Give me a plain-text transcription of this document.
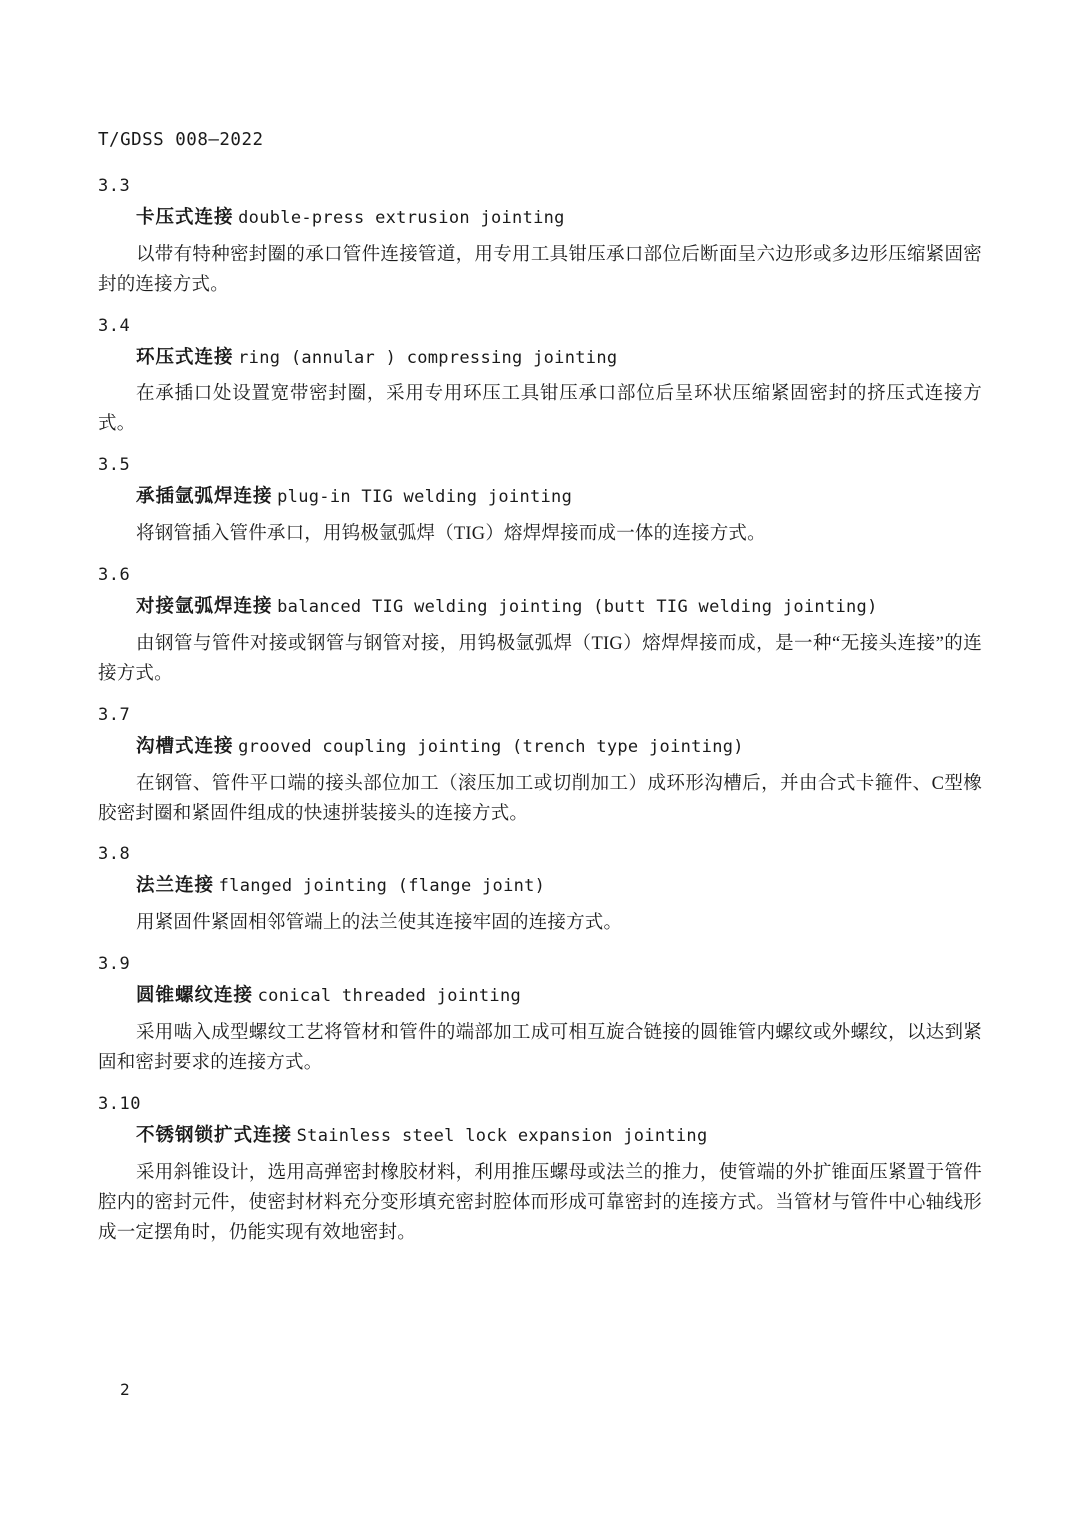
T/GDSS 008—2022
3.3
卡压式连接 double-press extrusion jointing
以带有特种密封圈的承口管件连接管道，用专用工具钳压承口部位后断面呈六边形或多边形压缩紧固密封的连接方式。
3.4
环压式连接 ring (annular ) compressing jointing
在承插口处设置宽带密封圈，采用专用环压工具钳压承口部位后呈环状压缩紧固密封的挤压式连接方式。
3.5
承插氩弧焊连接 plug-in TIG welding jointing
将钢管插入管件承口，用钨极氩弧焊（TIG）熔焊焊接而成一体的连接方式。
3.6
对接氩弧焊连接 balanced TIG welding jointing (butt TIG welding jointing)
由钢管与管件对接或钢管与钢管对接，用钨极氩弧焊（TIG）熔焊焊接而成，是一种“无接头连接”的连接方式。
3.7
沟槽式连接 grooved coupling jointing (trench type jointing)
在钢管、管件平口端的接头部位加工（滚压加工或切削加工）成环形沟槽后，并由合式卡箍件、C型橡胶密封圈和紧固件组成的快速拼装接头的连接方式。
3.8
法兰连接 flanged jointing (flange joint)
用紧固件紧固相邻管端上的法兰使其连接牢固的连接方式。
3.9
圆锥螺纹连接 conical threaded jointing
采用啮入成型螺纹工艺将管材和管件的端部加工成可相互旋合链接的圆锥管内螺纹或外螺纹，以达到紧固和密封要求的连接方式。
3.10
不锈钢锁扩式连接 Stainless steel lock expansion jointing
采用斜锥设计，选用高弹密封橡胶材料，利用推压螺母或法兰的推力，使管端的外扩锥面压紧置于管件腔内的密封元件，使密封材料充分变形填充密封腔体而形成可靠密封的连接方式。当管材与管件中心轴线形成一定摆角时，仍能实现有效地密封。
2
